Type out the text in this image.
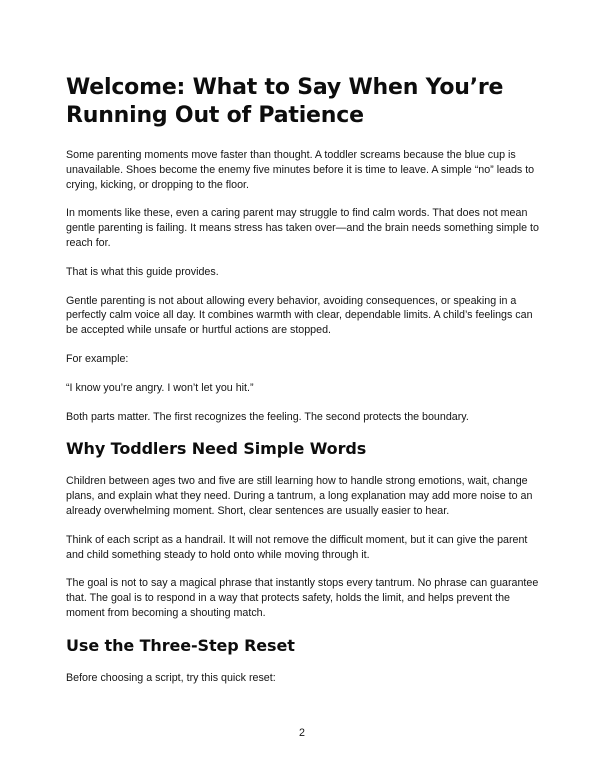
Welcome: What to Say When You’re Running Out of Patience

Some parenting moments move faster than thought. A toddler screams because the blue cup is unavailable. Shoes become the enemy five minutes before it is time to leave. A simple “no” leads to crying, kicking, or dropping to the floor.

In moments like these, even a caring parent may struggle to find calm words. That does not mean gentle parenting is failing. It means stress has taken over—and the brain needs something simple to reach for.

That is what this guide provides.

Gentle parenting is not about allowing every behavior, avoiding consequences, or speaking in a perfectly calm voice all day. It combines warmth with clear, dependable limits. A child’s feelings can be accepted while unsafe or hurtful actions are stopped.

For example:

“I know you’re angry. I won’t let you hit.”

Both parts matter. The first recognizes the feeling. The second protects the boundary.

Why Toddlers Need Simple Words

Children between ages two and five are still learning how to handle strong emotions, wait, change plans, and explain what they need. During a tantrum, a long explanation may add more noise to an already overwhelming moment. Short, clear sentences are usually easier to hear.

Think of each script as a handrail. It will not remove the difficult moment, but it can give the parent and child something steady to hold onto while moving through it.

The goal is not to say a magical phrase that instantly stops every tantrum. No phrase can guarantee that. The goal is to respond in a way that protects safety, holds the limit, and helps prevent the moment from becoming a shouting match.

Use the Three-Step Reset

Before choosing a script, try this quick reset:

2
